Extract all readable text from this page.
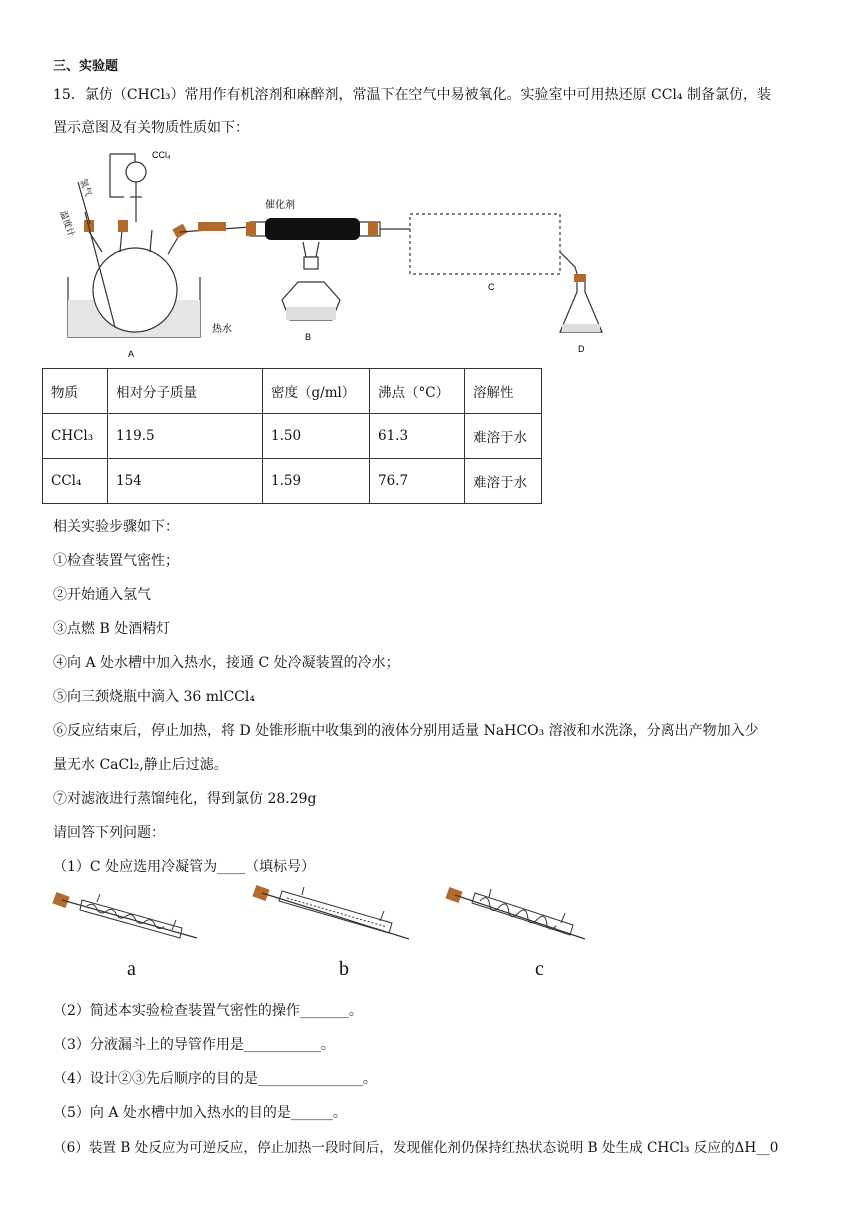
三、实验题
15．氯仿（CHCl₃）常用作有机溶剂和麻醉剂，常温下在空气中易被氧化。实验室中可用热还原 CCl₄ 制备氯仿，装
置示意图及有关物质性质如下：
CCl₄
氢气
温度计
催化剂
热水
A
B
C
D
物质	相对分子质量	密度（g/ml）	沸点（°C）	溶解性
CHCl₃	119.5	1.50	61.3	难溶于水
CCl₄	154	1.59	76.7	难溶于水
相关实验步骤如下：
①检查装置气密性；
②开始通入氢气
③点燃 B 处酒精灯
④向 A 处水槽中加入热水，接通 C 处冷凝装置的冷水；
⑤向三颈烧瓶中滴入 36 mlCCl₄
⑥反应结束后，停止加热，将 D 处锥形瓶中收集到的液体分别用适量 NaHCO₃ 溶液和水洗涤，分离出产物加入少
量无水 CaCl₂,静止后过滤。
⑦对滤液进行蒸馏纯化，得到氯仿 28.29g
请回答下列问题：
（1）C 处应选用冷凝管为____（填标号）
a	b	c
（2）简述本实验检查装置气密性的操作_______。
（3）分液漏斗上的导管作用是___________。
（4）设计②③先后顺序的目的是_______________。
（5）向 A 处水槽中加入热水的目的是______。
（6）装置 B 处反应为可逆反应，停止加热一段时间后，发现催化剂仍保持红热状态说明 B 处生成 CHCl₃ 反应的ΔH__0
